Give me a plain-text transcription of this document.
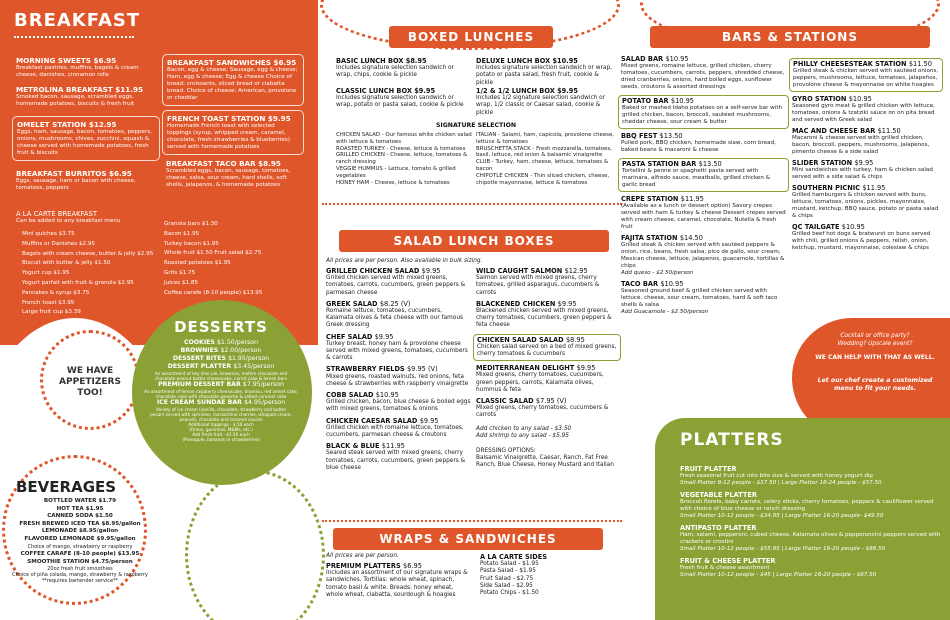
BREAKFAST
MORNING SWEETS $6.95
Breakfast pastries, muffins, bagels & cream cheese, danishes, cinnamon rolls
METROLINA BREAKFAST $11.95
Smoked bacon, sausage, scrambled eggs, homemade potatoes, biscuits & fresh fruit
OMELET STATION $12.95
Eggs, ham, sausage, bacon, tomatoes, peppers, onions, mushrooms, chives, zucchini, squash & cheese served with homemade potatoes, fresh fruit & biscuits
BREAKFAST BURRITOS $6.95
Eggs, sausage, ham or bacon with cheese, tomatoes, peppers
BREAKFAST SANDWICHES $6.95
Bacon, egg & cheese; Sausage, egg & cheese; Ham, egg & cheese; Egg & cheese Choice of bread: croissants, sliced bread or ciabatta bread. Choice of cheese: American, provolone or cheddar
FRENCH TOAST STATION $9.95
Homemade French toast with selected toppings (syrup, whipped cream, caramel, chocolate, fresh strawberries & blueberries) served with homemade potatoes
BREAKFAST TACO BAR $8.95
Scrambled eggs, bacon, sausage, tomatoes, cheese, salsa, sour cream, hard shells, soft shells, jalapenos, & homemade potatoes
A LA CARTE BREAKFAST
Can be added to any breakfast menu
Mini quiches $3.75
Muffins or Danishes $2.95
Bagels with cream cheese, butter & jelly $2.95
Biscuit with butter & jelly $1.50
Yogurt cup $1.95
Yogurt parfait with fruit & granola $2.95
Pancakes & syrup $3.75
French toast $3.95
Large fruit cup $3.39
Granola bars $1.30
Bacon $1.95
Turkey bacon $1.95
Whole fruit $1.50 Fruit salad $2.75
Roasted potatoes $1.95
Grits $1.75
Juices $1.85
Coffee carafe (8-10 people) $13.95
WE HAVE APPETIZERS TOO!
DESSERTS
COOKIES $1.50/person
BROWNIES $2.00/person
DESSERT BITES $1.95/person
DESSERT PLATTER $3.45/person
An assortment of key lime pie, brownies, molten chocolate and chocolate peanut butter cheesecake, carrot cake & lemon bars
PREMIUM DESSERT BAR $7.95/person
An assortment of lemon raspberry cheesecake, tiramisu, red velvet cake, chocolate cake with chocolate ganache & salted caramel cake
ICE CREAM SUNDAE BAR $4.95/person
Variety of ice cream (vanilla, chocolate, strawberry and butter pecan) served with sprinkles, maraschino cherries, whipped cream, peanuts, chocolate and caramel sauces
Additional toppings - $.50 each
(Oreos, gummies, M&Ms, etc.)
Add fresh fruit - $1.50 each
(Pineapple, bananas or strawberries)
BEVERAGES
BOTTLED WATER $1.79
HOT TEA $1.95
CANNED SODA $1.50
FRESH BREWED ICED TEA $8.95/gallon
LEMONADE $8.95/gallon
FLAVORED LEMONADE $9.95/gallon
Choice of mango, strawberry or raspberry
COFFEE CARAFE (8-10 people) $13.95
SMOOTHIE STATION $4.75/person
20oz fresh fruit smoothies
Choice of piña colada, mango, strawberry & raspberry
**requires bartender service**
BOXED LUNCHES
BASIC LUNCH BOX $8.95
Includes signature selection sandwich or wrap, chips, cookie & pickle
DELUXE LUNCH BOX $10.95
Includes signature selection sandwich or wrap, potato or pasta salad, fresh fruit, cookie & pickle
CLASSIC LUNCH BOX $9.95
Includes signature selection sandwich or wrap, potato or pasta salad, cookie & pickle
1/2 & 1/2 LUNCH BOX $9.95
Includes 1/2 signature selection sandwich or wrap, 1/2 classic or Caesar salad, cookie & pickle
SIGNATURE SELECTION
CHICKEN SALAD - Our famous white chicken salad with lettuce & tomatoes
ROASTED TURKEY - Cheese, lettuce & tomatoes
GRILLED CHICKEN - Cheese, lettuce, tomatoes & ranch dressing
VEGGIE HUMMUS - Lettuce, tomato & grilled vegetables
HONEY HAM - Cheese, lettuce & tomatoes
ITALIAN - Salami, ham, capicola, provolone cheese, lettuce & tomatoes
BRUSCHETTA STACK - Fresh mozzarella, tomatoes, basil, lettuce, red onion & balsamic vinaigrette
CLUB - Turkey, ham, cheese, lettuce, tomatoes & bacon
CHIPOTLE CHICKEN - Thin sliced chicken, cheese, chipotle mayonnaise, lettuce & tomatoes
SALAD LUNCH BOXES
All prices are per person. Also available in bulk sizing.
GRILLED CHICKEN SALAD $9.95
Grilled chicken served with mixed greens, tomatoes, carrots, cucumbers, green peppers & parmesan cheese
GREEK SALAD $8.25 (V)
Romaine lettuce, tomatoes, cucumbers, Kalamata olives & feta cheese with our famous Greek dressing
CHEF SALAD $9.95
Turkey breast, honey ham & provolone cheese served with mixed greens, tomatoes, cucumbers & carrots
STRAWBERRY FIELDS $9.95 (V)
Mixed greens, roasted walnuts, red onions, feta cheese & strawberries with raspberry vinaigrette
COBB SALAD $10.95
Grilled chicken, bacon, blue cheese & boiled eggs with mixed greens, tomatoes & onions
CHICKEN CAESAR SALAD $9.95
Grilled chicken with romaine lettuce, tomatoes, cucumbers, parmesan cheese & croutons
BLACK & BLUE $11.95
Seared steak served with mixed greens, cherry tomatoes, carrots, cucumbers, green peppers & blue cheese
WILD CAUGHT SALMON $12.95
Salmon served with mixed greens, cherry tomatoes, grilled asparagus, cucumbers & carrots
BLACKENED CHICKEN $9.95
Blackened chicken served with mixed greens, cherry tomatoes, cucumbers, green peppers & feta cheese
CHICKEN SALAD SALAD $8.95
Chicken salad served on a bed of mixed greens, cherry tomatoes & cucumbers
MEDITERRANEAN DELIGHT $9.95
Mixed greens, cherry tomatoes, cucumbers, green peppers, carrots, Kalamata olives, hummus & feta
CLASSIC SALAD $7.95 (V)
Mixed greens, cherry tomatoes, cucumbers & carrots
Add chicken to any salad - $3.50
Add shrimp to any salad - $5.95
DRESSING OPTIONS:
Balsamic Vinaigrette, Caesar, Ranch, Fat Free Ranch, Blue Cheese, Honey Mustard and Italian
WRAPS & SANDWICHES
All prices are per person.
PREMIUM PLATTERS $6.95
Includes an assortment of our signature wraps & sandwiches. Tortillas: whole wheat, spinach, tomato basil & white. Breads: honey wheat, whole wheat, ciabatta, sourdough & hoagies
A LA CARTE SIDES
Potato Salad - $1.95
Pasta Salad - $1.95
Fruit Salad - $2.75
Side Salad - $2.95
Potato Chips - $1.50
BARS & STATIONS
SALAD BAR $10.95
Mixed greens, romaine lettuce, grilled chicken, cherry tomatoes, cucumbers, carrots, peppers, shredded cheese, dried cranberries, onions, hard boiled eggs, sunflower seeds, croutons & assorted dressings
POTATO BAR $10.95
Baked or mashed Idaho potatoes on a self-serve bar with grilled chicken, bacon, broccoli, sautéed mushrooms, cheddar cheese, sour cream & butter
BBQ FEST $13.50
Pulled pork, BBQ chicken, homemade slaw, corn bread, baked beans & macaroni & cheese
PASTA STATION BAR $13.50
Tortellini & penne or spaghetti pasta served with marinara, alfredo sauce, meatballs, grilled chicken & garlic bread
CREPE STATION $11.95
(Available as a lunch or dessert option) Savory crepes served with ham & turkey & cheese Dessert crepes served with cream cheese, caramel, chocolate, Nutella & fresh fruit
FAJITA STATION $14.50
Grilled steak & chicken served with sautéed peppers & onion, rice, beans, fresh salsa, pico de gallo, sour cream, Mexican cheese, lettuce, jalapenos, guacamole, tortillas & chips
Add queso - $2.50/person
TACO BAR $10.95
Seasoned ground beef & grilled chicken served with lettuce, cheese, sour cream, tomatoes, hard & soft taco shells & salsa
Add Guacamole - $2.50/person
PHILLY CHEESESTEAK STATION $11.50
Grilled steak & chicken served with sautéed onions, peppers, mushrooms, lettuce, tomatoes, jalapeños, provolone cheese & mayonnaise on white hoagies
GYRO STATION $10.95
Seasoned gyro meat & grilled chicken with lettuce, tomatoes, onions & tzatziki sauce on on pita bread and served with Greek salad
MAC AND CHEESE BAR $11.50
Macaroni & cheese served with grilled chicken, bacon, broccoli, peppers, mushrooms, jalapenos, pimento cheese & a side salad
SLIDER STATION $9.95
Mini sandwiches with turkey, ham & chicken salad served with a side salad & chips
SOUTHERN PICNIC $11.95
Grilled hamburgers & chicken served with buns, lettuce, tomatoes, onions, pickles, mayonnaise, mustard, ketchup, BBQ sauce, potato or pasta salad & chips
QC TAILGATE $10.95
Grilled beef hot dogs & bratwurst on buns served with chili, grilled onions & peppers, relish, onion, ketchup, mustard, mayonnaise, coleslaw & chips
Cocktail or office party?
Wedding? Upscale event?
WE CAN HELP WITH THAT AS WELL.
Let our chef create a customized menu to fit your needs.
PLATTERS
FRUIT PLATTER
Fresh seasonal fruit cut into bite size & served with honey yogurt dip
Small Platter 8-12 people - $37.50 | Large Platter 18-24 people - $57.50
VEGETABLE PLATTER
Broccoli florets, baby carrots, celery sticks, cherry tomatoes, peppers & cauliflower served with choice of blue cheese or ranch dressing
Small Platter 10-12 people - $34.95 | Large Platter 16-20 people- $49.50
ANTIPASTO PLATTER
Ham, salami, pepperoni, cubed cheese, Kalamata olives & pepperoncini peppers served with crackers or crostini
Small Platter 10-12 people - $55.95 | Large Platter 16-20 people - $98.50
FRUIT & CHEESE PLATTER
Fresh fruit & cheese assortment
Small Platter 10-12 people - $45 | Large Platter 16-20 people - $67.50
